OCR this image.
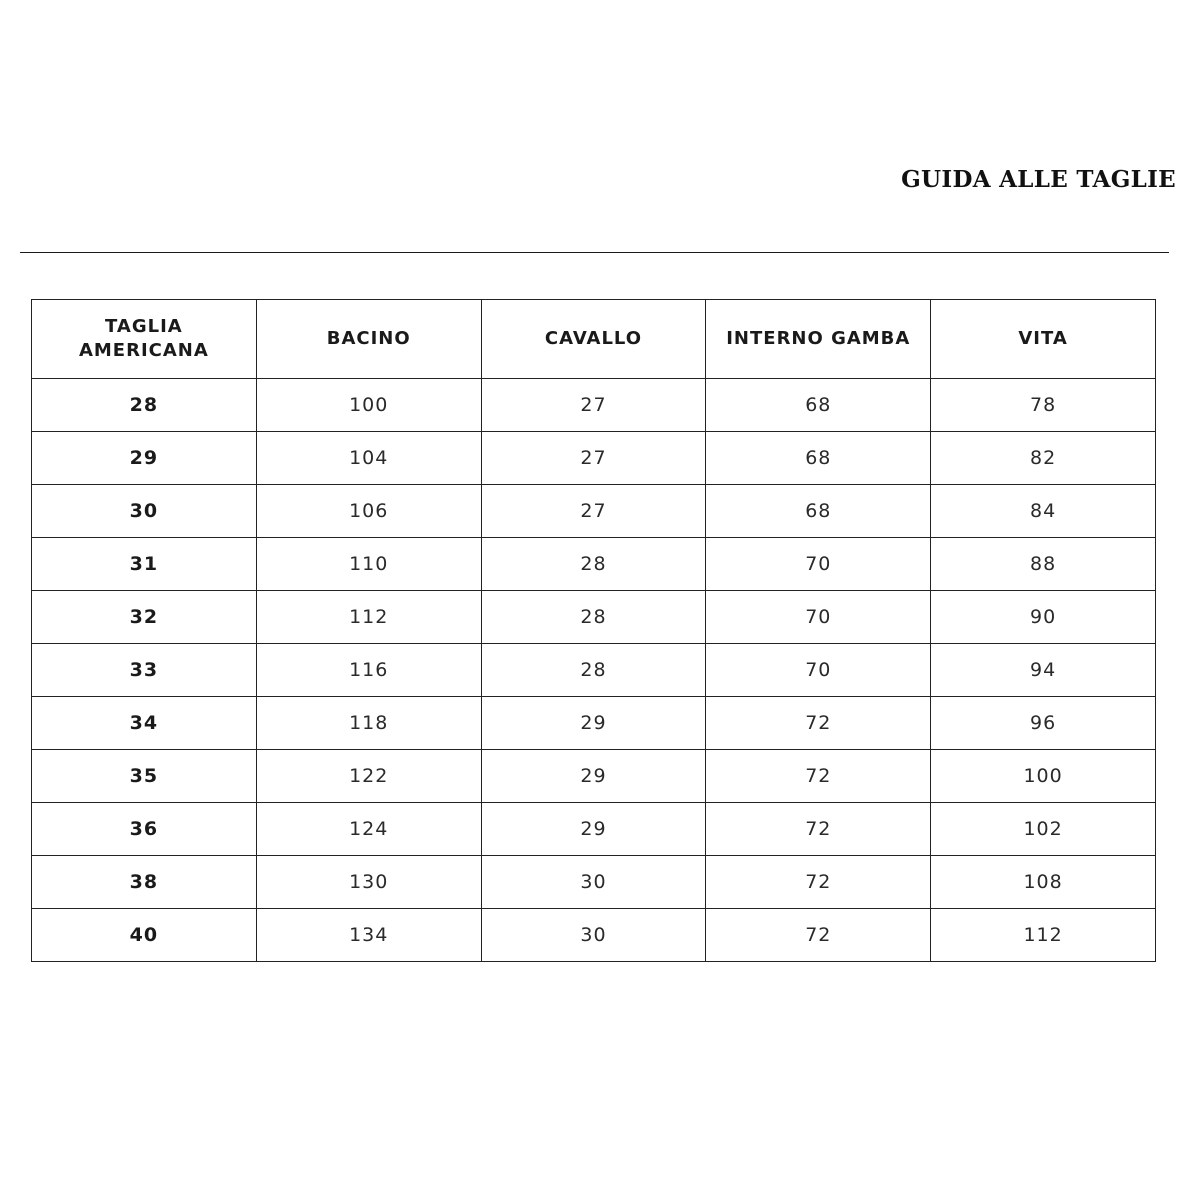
GUIDA ALLE TAGLIE
TAGLIA
AMERICANA	BACINO	CAVALLO	INTERNO GAMBA	VITA

28	100	27	68	78
29	104	27	68	82
30	106	27	68	84
31	110	28	70	88
32	112	28	70	90
33	116	28	70	94
34	118	29	72	96
35	122	29	72	100
36	124	29	72	102
38	130	30	72	108
40	134	30	72	112
